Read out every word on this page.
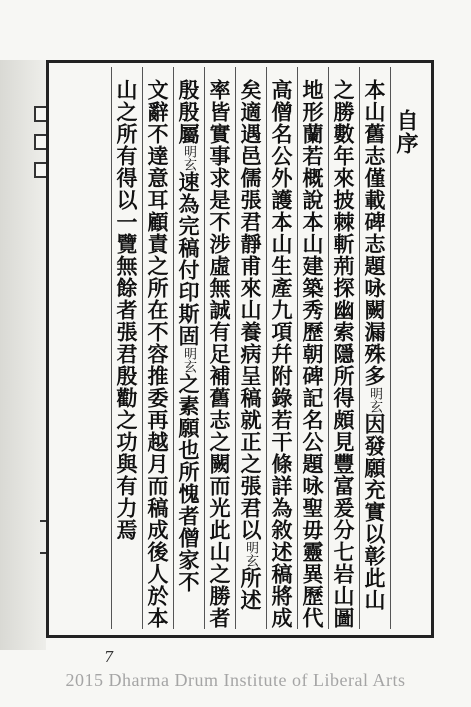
自序
本山舊志僅載碑志題咏闕漏殊多明玄因發願充實以彰此山
之勝數年來披棘斬荊探幽索隱所得頗見豐富爰分七岩山圖
地形蘭若概說本山建築秀歷朝碑記名公題咏聖毋靈異歷代
高僧名公外護本山生產九項幷附錄若干條詳為敘述稿將成
矣適遇邑儒張君靜甫來山養病呈稿就正之張君以明玄所述
率皆實事求是不涉虛無誠有足補舊志之闕而光此山之勝者
殷殷屬明玄速為完稿付印斯固明玄之素願也所愧者僧家不
文辭不達意耳顧責之所在不容推委再越月而稿成後人於本
山之所有得以一覽無餘者張君殷勸之功與有力焉
7
2015 Dharma Drum Institute of Liberal Arts
